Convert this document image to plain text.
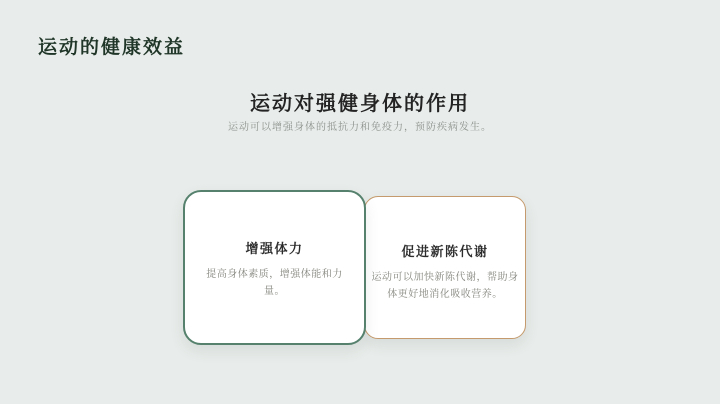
运动的健康效益
运动对强健身体的作用
运动可以增强身体的抵抗力和免疫力，预防疾病发生。
增强体力
提高身体素质，增强体能和力量。
促进新陈代谢
运动可以加快新陈代谢，帮助身体更好地消化吸收营养。
